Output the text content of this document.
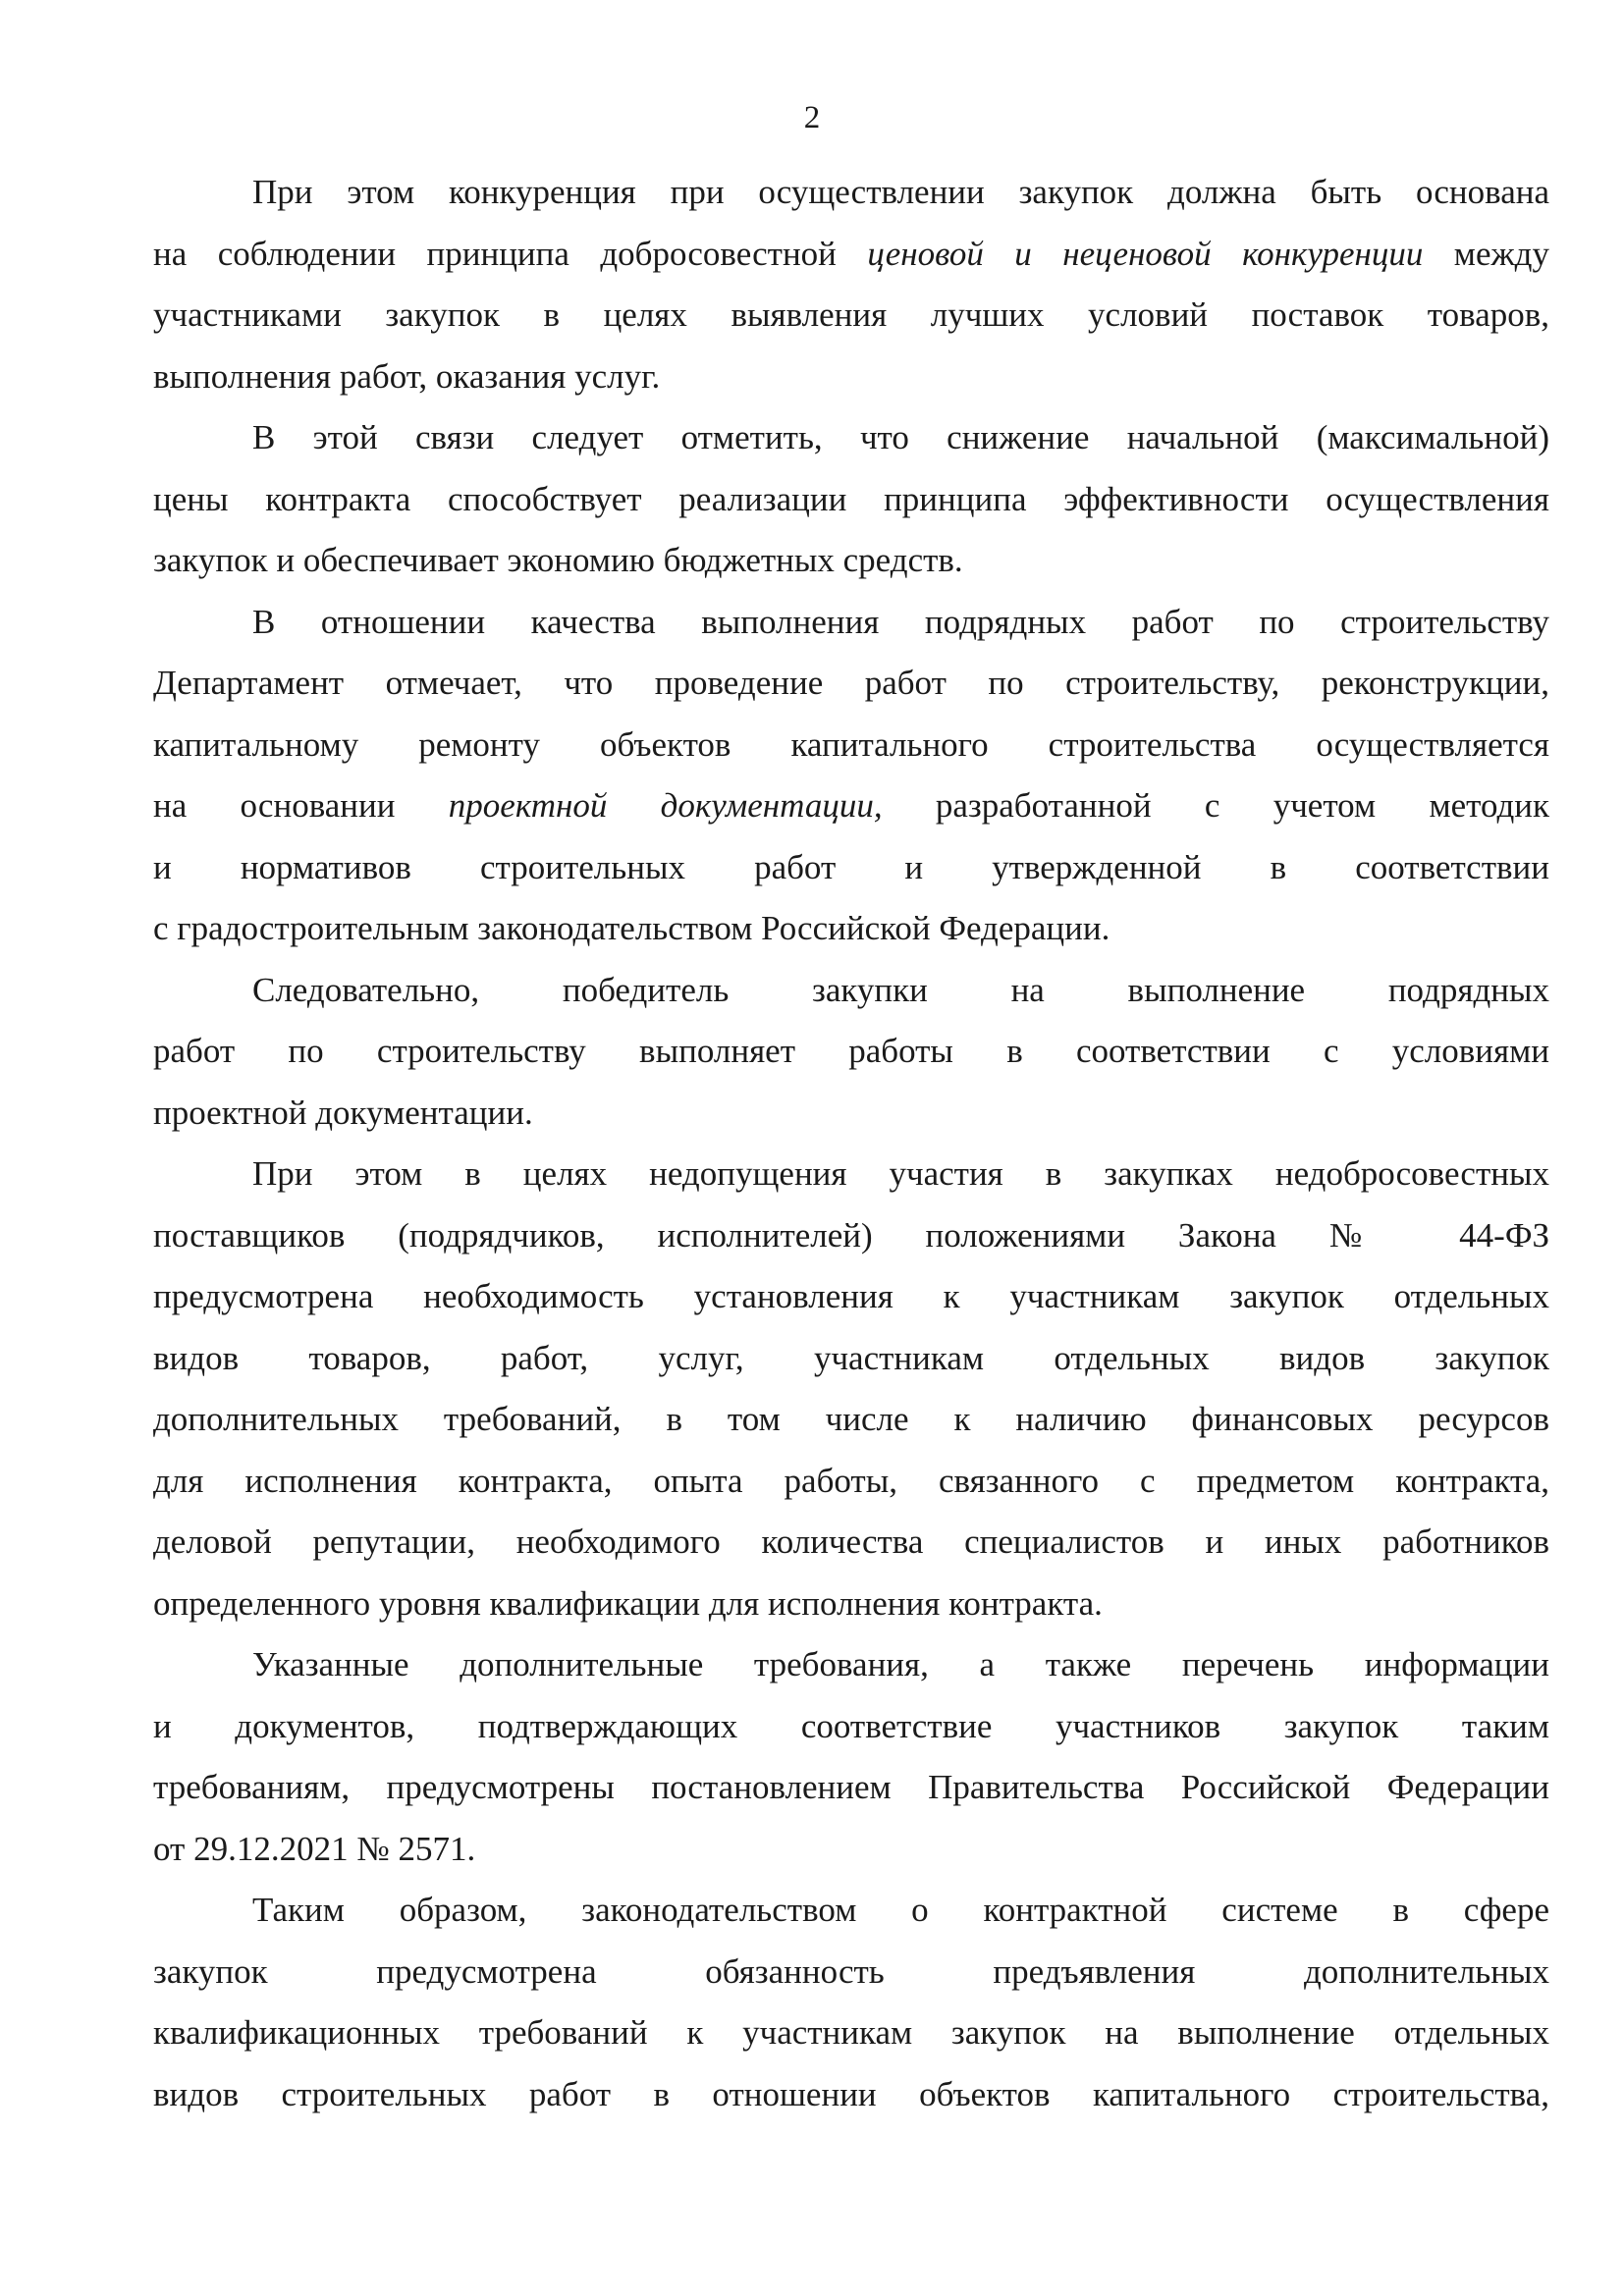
2
При этом конкуренция при осуществлении закупок должна быть основана
на соблюдении принципа добросовестной ценовой и неценовой конкуренции между
участниками закупок в целях выявления лучших условий поставок товаров,
выполнения работ, оказания услуг.
В этой связи следует отметить, что снижение начальной (максимальной)
цены контракта способствует реализации принципа эффективности осуществления
закупок и обеспечивает экономию бюджетных средств.
В отношении качества выполнения подрядных работ по строительству
Департамент отмечает, что проведение работ по строительству, реконструкции,
капитальному ремонту объектов капитального строительства осуществляется
на основании проектной документации, разработанной с учетом методик
и нормативов строительных работ и утвержденной в соответствии
с градостроительным законодательством Российской Федерации.
Следовательно, победитель закупки на выполнение подрядных
работ по строительству выполняет работы в соответствии с условиями
проектной документации.
При этом в целях недопущения участия в закупках недобросовестных
поставщиков (подрядчиков, исполнителей) положениями Закона № 44-ФЗ
предусмотрена необходимость установления к участникам закупок отдельных
видов товаров, работ, услуг, участникам отдельных видов закупок
дополнительных требований, в том числе к наличию финансовых ресурсов
для исполнения контракта, опыта работы, связанного с предметом контракта,
деловой репутации, необходимого количества специалистов и иных работников
определенного уровня квалификации для исполнения контракта.
Указанные дополнительные требования, а также перечень информации
и документов, подтверждающих соответствие участников закупок таким
требованиям, предусмотрены постановлением Правительства Российской Федерации
от 29.12.2021 № 2571.
Таким образом, законодательством о контрактной системе в сфере
закупок предусмотрена обязанность предъявления дополнительных
квалификационных требований к участникам закупок на выполнение отдельных
видов строительных работ в отношении объектов капитального строительства,
